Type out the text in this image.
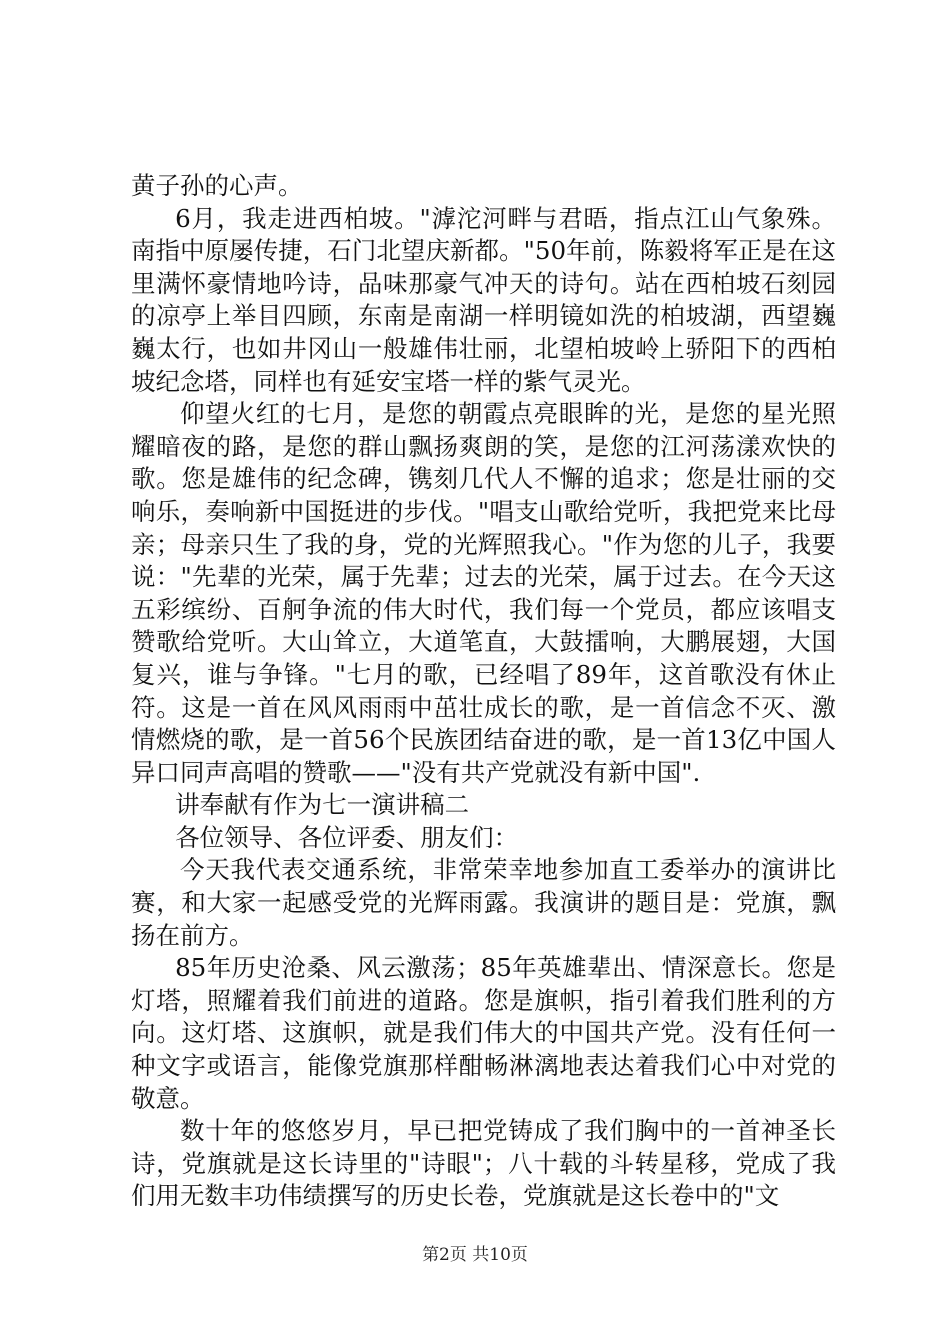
黄子孙的心声。

6月，我走进西柏坡。"滹沱河畔与君晤，指点江山气象殊。南指中原屡传捷，石门北望庆新都。"50年前，陈毅将军正是在这里满怀豪情地吟诗，品味那豪气冲天的诗句。站在西柏坡石刻园的凉亭上举目四顾，东南是南湖一样明镜如洗的柏坡湖，西望巍巍太行，也如井冈山一般雄伟壮丽，北望柏坡岭上骄阳下的西柏坡纪念塔，同样也有延安宝塔一样的紫气灵光。

仰望火红的七月，是您的朝霞点亮眼眸的光，是您的星光照耀暗夜的路，是您的群山飘扬爽朗的笑，是您的江河荡漾欢快的歌。您是雄伟的纪念碑，镌刻几代人不懈的追求；您是壮丽的交响乐，奏响新中国挺进的步伐。"唱支山歌给党听，我把党来比母亲；母亲只生了我的身，党的光辉照我心。"作为您的儿子，我要说："先辈的光荣，属于先辈；过去的光荣，属于过去。在今天这五彩缤纷、百舸争流的伟大时代，我们每一个党员，都应该唱支赞歌给党听。大山耸立，大道笔直，大鼓擂响，大鹏展翅，大国复兴，谁与争锋。"七月的歌，已经唱了89年，这首歌没有休止符。这是一首在风风雨雨中茁壮成长的歌，是一首信念不灭、激情燃烧的歌，是一首56个民族团结奋进的歌，是一首13亿中国人异口同声高唱的赞歌——"没有共产党就没有新中国".

讲奉献有作为七一演讲稿二

各位领导、各位评委、朋友们：

今天我代表交通系统，非常荣幸地参加直工委举办的演讲比赛，和大家一起感受党的光辉雨露。我演讲的题目是：党旗，飘扬在前方。

85年历史沧桑、风云激荡；85年英雄辈出、情深意长。您是灯塔，照耀着我们前进的道路。您是旗帜，指引着我们胜利的方向。这灯塔、这旗帜，就是我们伟大的中国共产党。没有任何一种文字或语言，能像党旗那样酣畅淋漓地表达着我们心中对党的敬意。

数十年的悠悠岁月，早已把党铸成了我们胸中的一首神圣长诗，党旗就是这长诗里的"诗眼"；八十载的斗转星移，党成了我们用无数丰功伟绩撰写的历史长卷，党旗就是这长卷中的"文

第2页 共10页
